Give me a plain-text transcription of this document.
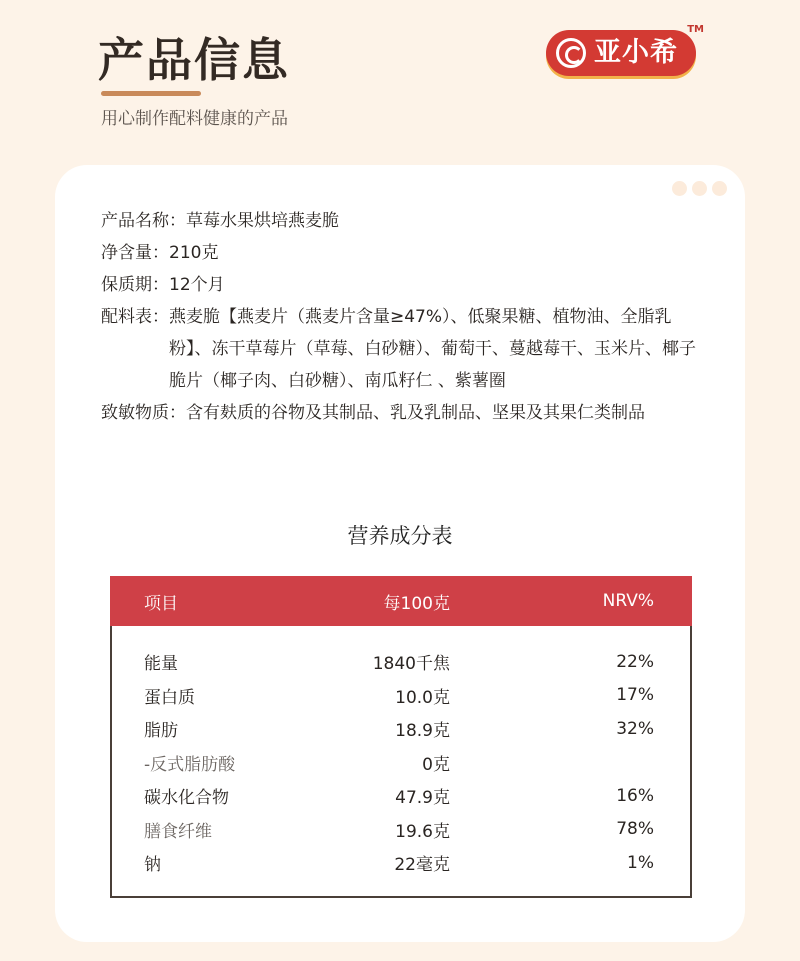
产品信息
用心制作配料健康的产品
亚小希
TM
产品名称： 草莓水果烘培燕麦脆
净含量： 210克
保质期： 12个月
配料表： 燕麦脆【燕麦片（燕麦片含量≥47%）、低聚果糖、植物油、全脂乳粉】、冻干草莓片（草莓、白砂糖）、葡萄干、蔓越莓干、玉米片、椰子脆片（椰子肉、白砂糖）、南瓜籽仁 、紫薯圈
致敏物质： 含有麸质的谷物及其制品、乳及乳制品、坚果及其果仁类制品
营养成分表
项目	每100克	NRV%
能量	1840千焦	22%
蛋白质	10.0克	17%
脂肪	18.9克	32%
-反式脂肪酸	0克
碳水化合物	47.9克	16%
膳食纤维	19.6克	78%
钠	22毫克	1%
